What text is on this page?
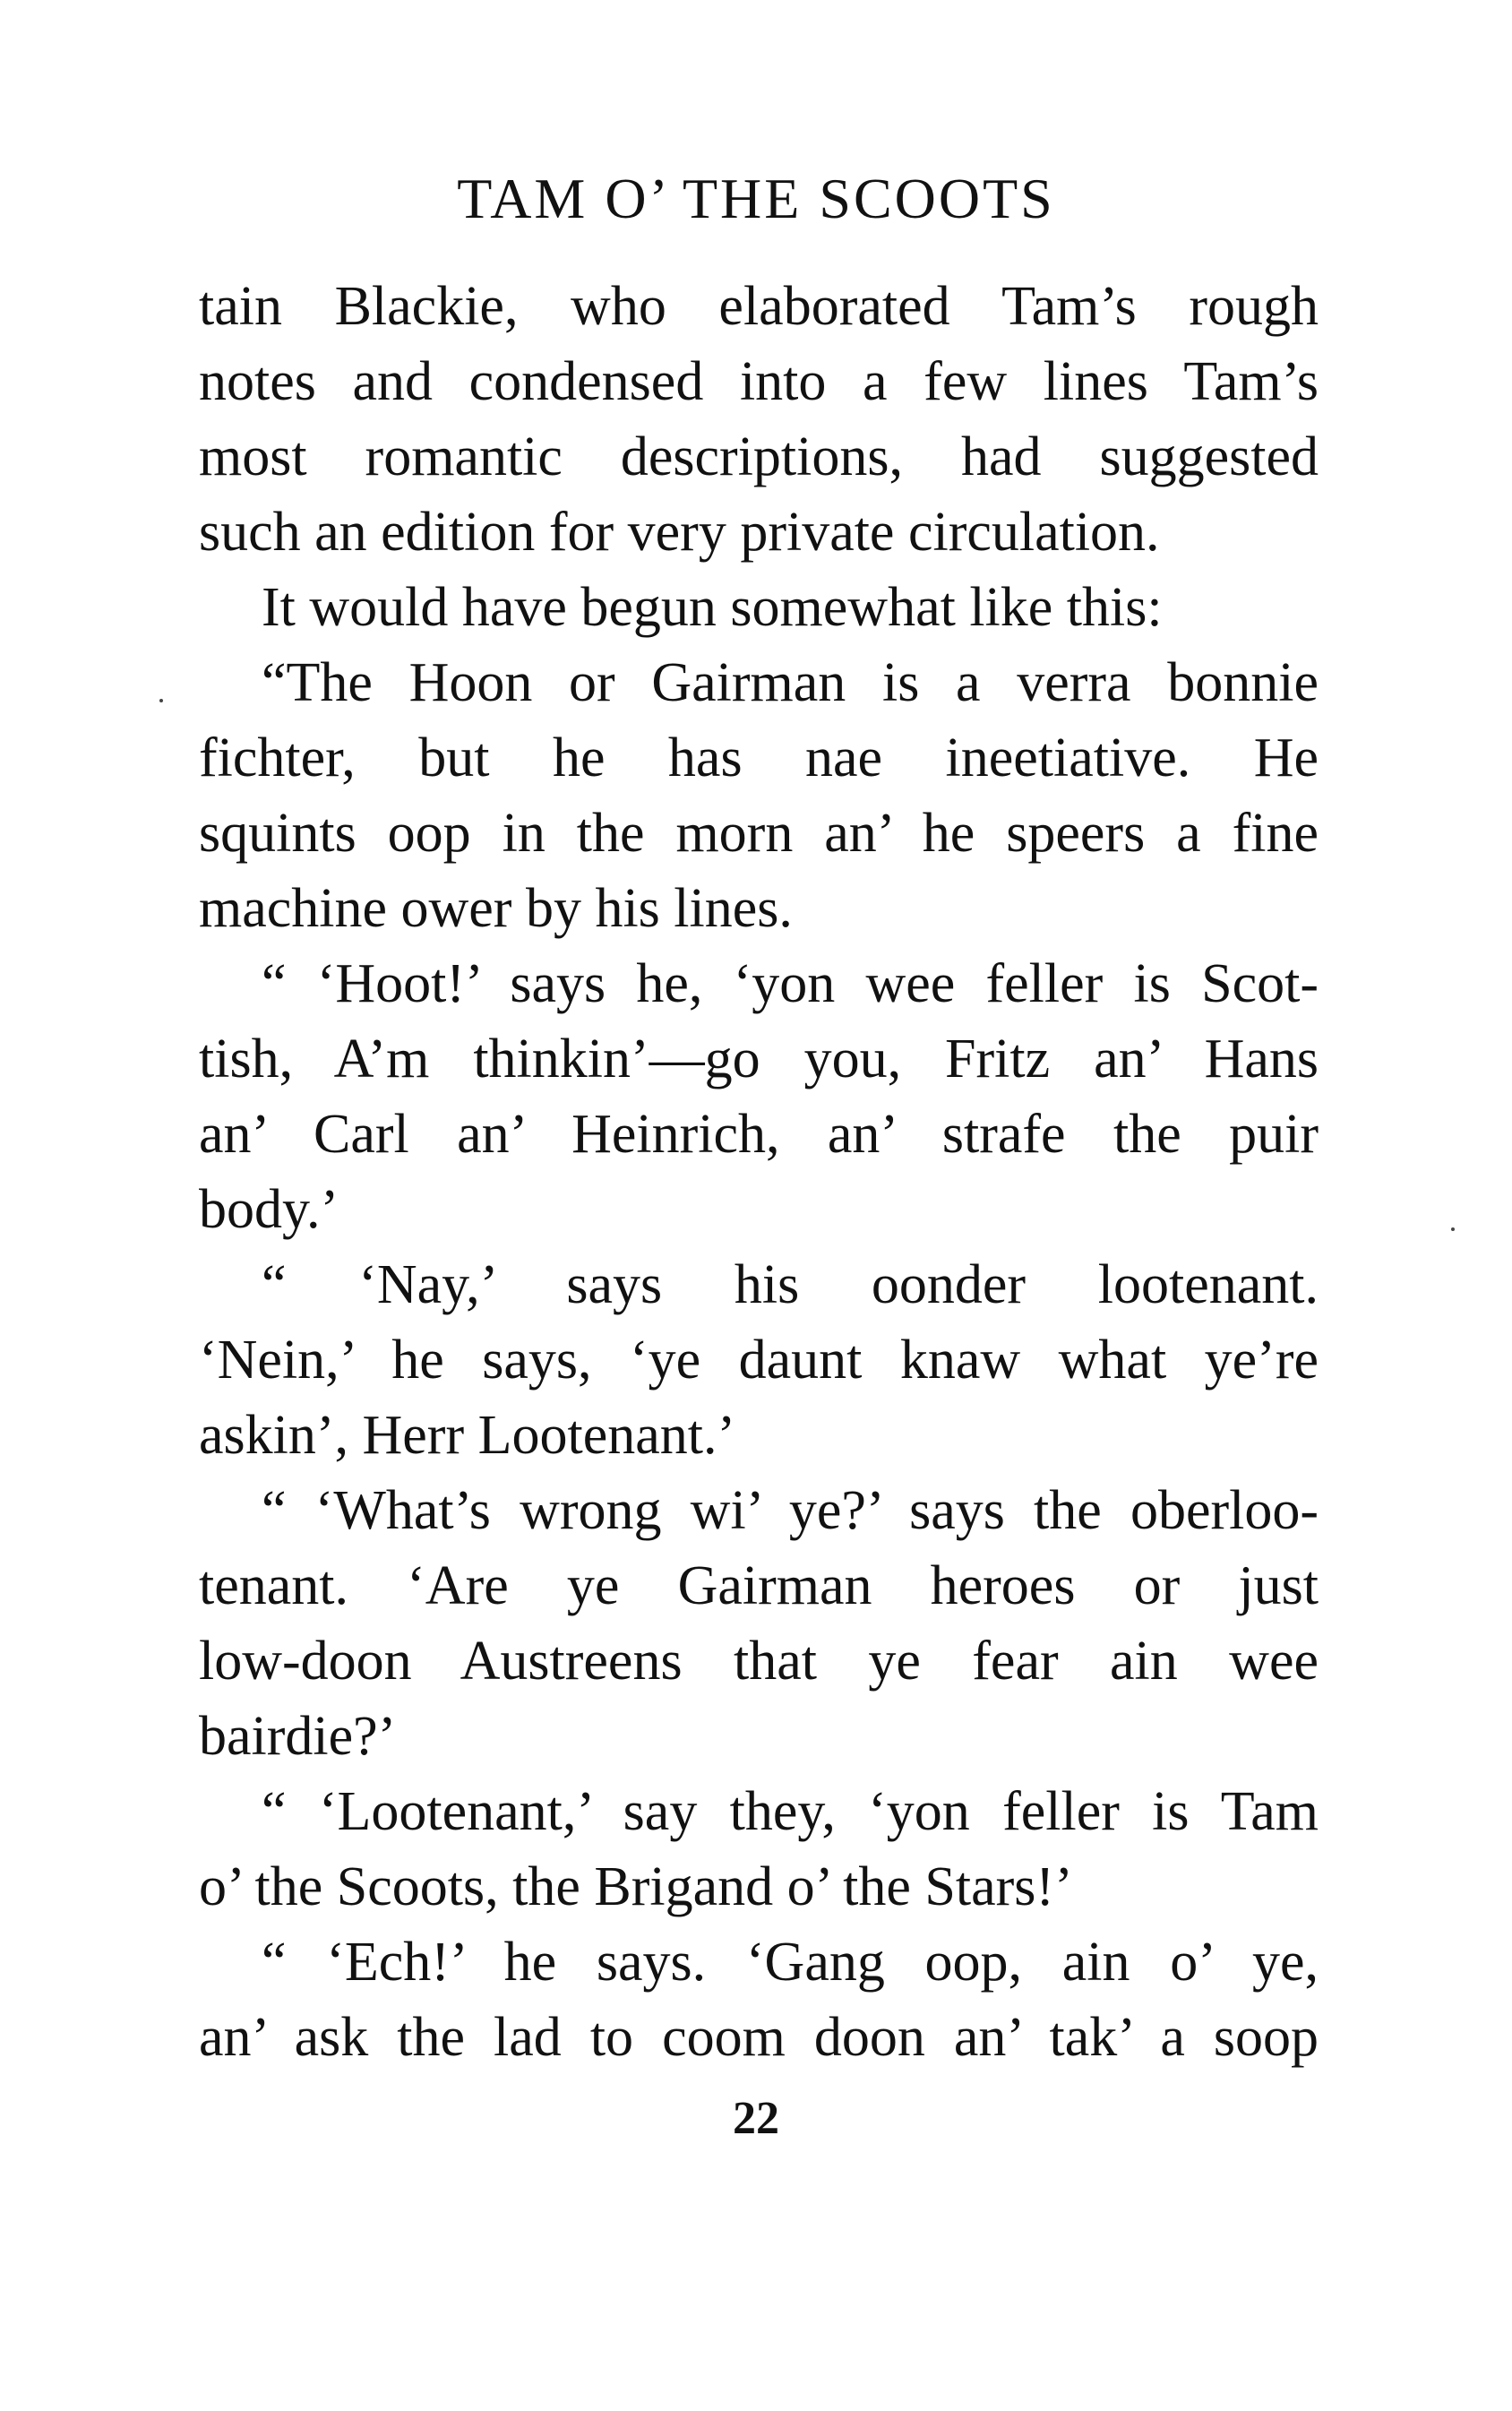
TAM O’ THE SCOOTS
tain Blackie, who elaborated Tam’s rough
notes and condensed into a few lines Tam’s
most romantic descriptions, had suggested
such an edition for very private circulation.
It would have begun somewhat like this:
“The Hoon or Gairman is a verra bonnie
fichter, but he has nae ineetiative. He
squints oop in the morn an’ he speers a fine
machine ower by his lines.
“ ‘Hoot!’ says he, ‘yon wee feller is Scot-
tish, A’m thinkin’—go you, Fritz an’ Hans
an’ Carl an’ Heinrich, an’ strafe the puir
body.’
“ ‘Nay,’ says his oonder lootenant.
‘Nein,’ he says, ‘ye daunt knaw what ye’re
askin’, Herr Lootenant.’
“ ‘What’s wrong wi’ ye?’ says the oberloo-
tenant. ‘Are ye Gairman heroes or just
low-doon Austreens that ye fear ain wee
bairdie?’
“ ‘Lootenant,’ say they, ‘yon feller is Tam
o’ the Scoots, the Brigand o’ the Stars!’
“ ‘Ech!’ he says. ‘Gang oop, ain o’ ye,
an’ ask the lad to coom doon an’ tak’ a soop
22
